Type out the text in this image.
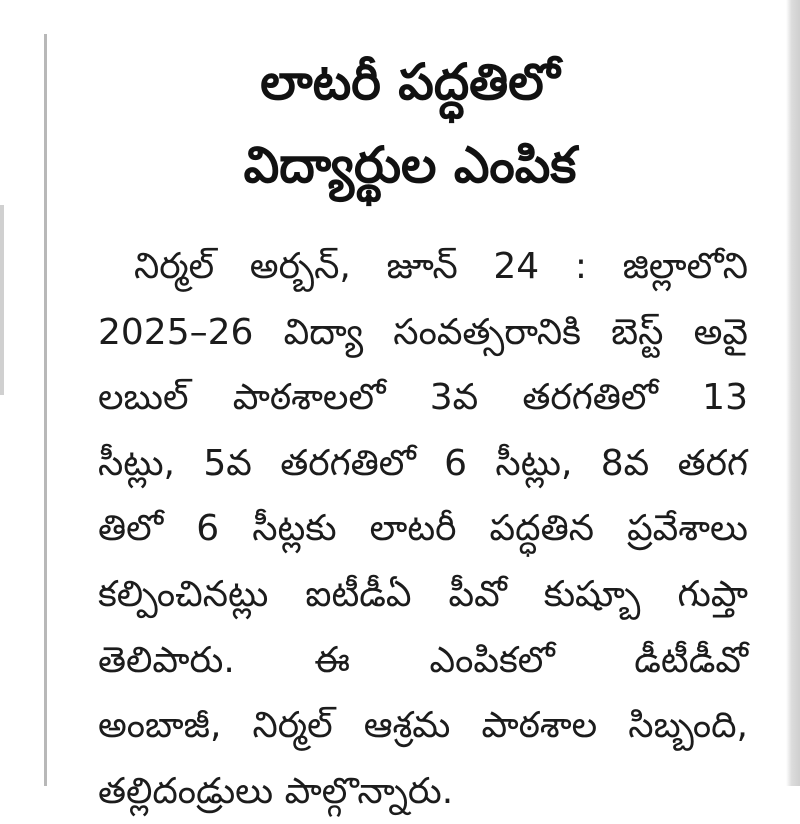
లాటరీ పద్ధతిలో
విద్యార్థుల ఎంపిక
నిర్మల్ అర్బన్, జూన్ 24 : జిల్లాలోని
2025–26 విద్యా సంవత్సరానికి బెస్ట్ అవై
లబుల్ పాఠశాలలో 3వ తరగతిలో 13
సీట్లు, 5వ తరగతిలో 6 సీట్లు, 8వ తరగ
తిలో 6 సీట్లకు లాటరీ పద్ధతిన ప్రవేశాలు
కల్పించినట్లు ఐటీడీఏ పీవో కుష్బూ గుప్తా
తెలిపారు. ఈ ఎంపికలో డీటీడీవో
అంబాజీ, నిర్మల్ ఆశ్రమ పాఠశాల సిబ్బంది,
తల్లిదండ్రులు పాల్గొన్నారు.
